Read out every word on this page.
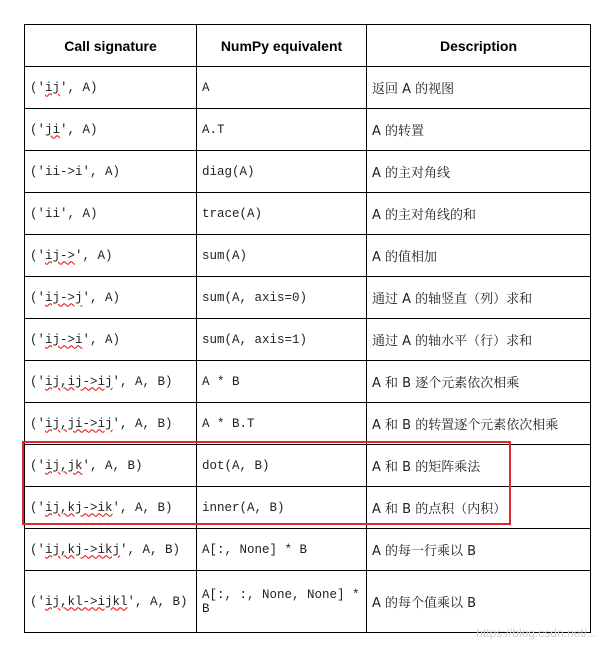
Call signature	NumPy equivalent	Description
('ij', A)	A	返回 A 的视图
('ji', A)	A.T	A 的转置
('ii->i', A)	diag(A)	A 的主对角线
('ii', A)	trace(A)	A 的主对角线的和
('ij->', A)	sum(A)	A 的值相加
('ij->j', A)	sum(A, axis=0)	通过 A 的轴竖直（列）求和
('ij->i', A)	sum(A, axis=1)	通过 A 的轴水平（行）求和
('ij,ij->ij', A, B)	A * B	A 和 B 逐个元素依次相乘
('ij,ji->ij', A, B)	A * B.T	A 和 B 的转置逐个元素依次相乘
('ij,jk', A, B)	dot(A, B)	A 和 B 的矩阵乘法
('ij,kj->ik', A, B)	inner(A, B)	A 和 B 的点积（内积）
('ij,kj->ikj', A, B)	A[:, None] * B	A 的每一行乘以 B
('ij,kl->ijkl', A, B)	A[:, :, None, None] * B	A 的每个值乘以 B
https://blog.csdn.net/...
